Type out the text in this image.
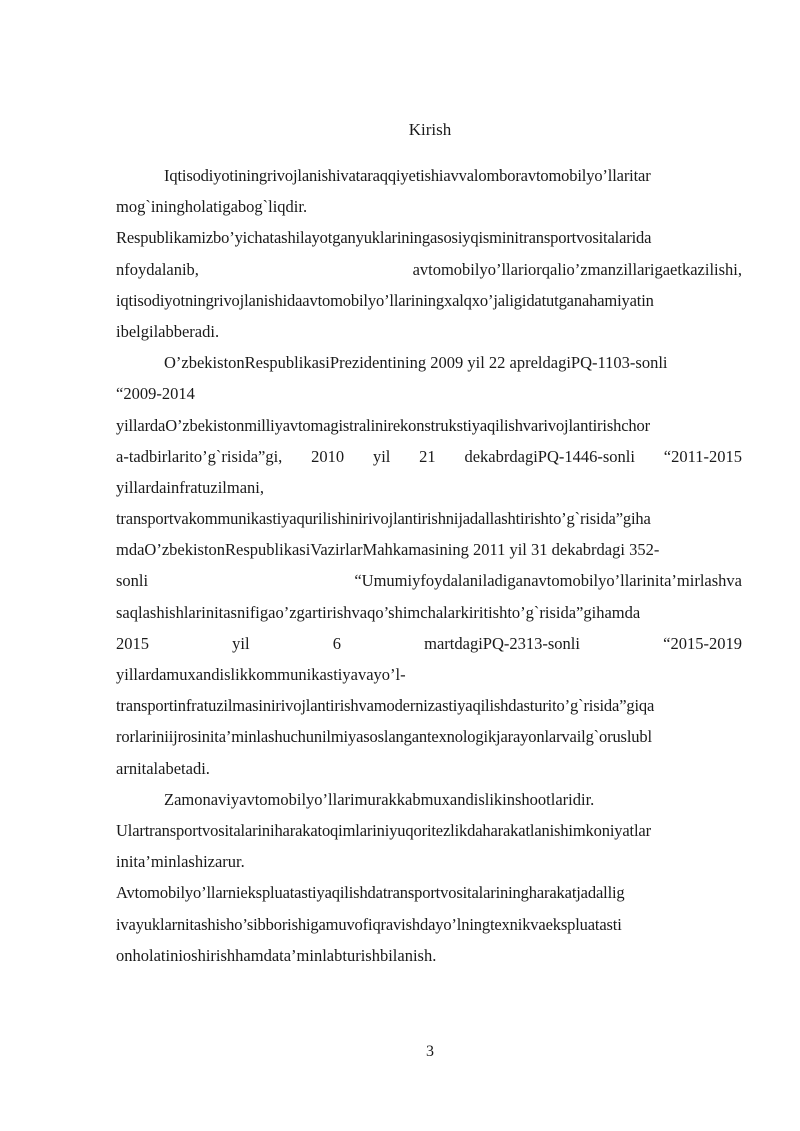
Kirish
Iqtisodiyotiningrivojlanishivataraqqiyetishiavvalomboravtomobilyo’llaritar
mog`iningholatigabog`liqdir.
Respublikamizbo’yichatashilayotganyuklariningasosiyqisminitransportvositalarida
nfoydalanib,	avtomobilyo’llariorqalio’zmanzillarigaetkazilishi,
iqtisodiyotningrivojlanishidaavtomobilyo’llariningxalqxo’jaligidatutganahamiyatin
ibelgilabberadi.
O’zbekistonRespublikasiPrezidentining 2009 yil 22 apreldagiPQ-1103-sonli
“2009-2014
yillardaO’zbekistonmilliyavtomagistralinirekonstrukstiyaqilishvarivojlantirishchor
a-tadbirlarito’g`risida”gi, 2010 yil 21 dekabrdagiPQ-1446-sonli “2011-2015
yillardainfratuzilmani,
transportvakommunikastiyaqurilishinirivojlantirishnijadallashtirishto’g`risida”giha
mdaO’zbekistonRespublikasiVazirlarMahkamasining 2011 yil 31 dekabrdagi 352-
sonli	“Umumiyfoydalaniladiganavtomobilyo’llarinita’mirlashva
saqlashishlarinitasnifigao’zgartirishvaqo’shimchalarkiritishto’g`risida”gihamda
2015	yil	6	martdagiPQ-2313-sonli	“2015-2019
yillardamuxandislikkommunikastiyavayo’l-
transportinfratuzilmasinirivojlantirishvamodernizastiyaqilishdasturito’g`risida”giqa
rorlariniijrosinita’minlashuchunilmiyasoslangantexnologikjarayonlarvailg`oruslubl
arnitalabetadi.
Zamonaviyavtomobilyo’llarimurakkabmuxandislikinshootlaridir.
Ulartransportvositalariniharakatoqimlariniyuqoritezlikdaharakatlanishimkoniyatlar
inita’minlashizarur.
Avtomobilyo’llarniekspluatastiyaqilishdatransportvositalariningharakatjadallig
ivayuklarnitashisho’sibborishigamuvofiqravishdayo’lningtexnikvaekspluatasti
onholatinioshirishhamdata’minlabturishbilanish.
3
